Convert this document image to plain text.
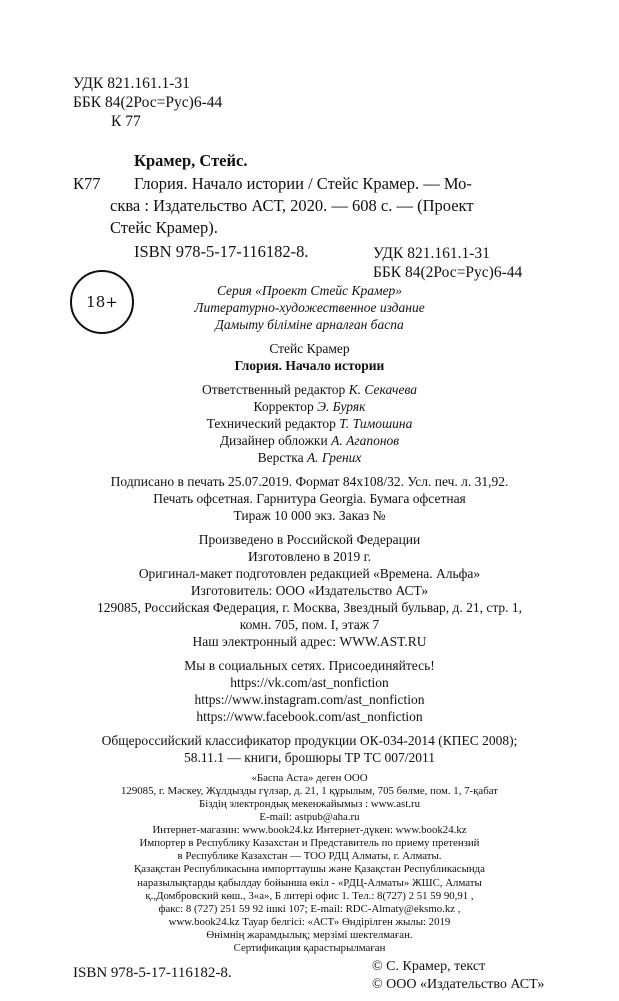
УДК 821.161.1-31
ББК 84(2Рос=Рус)6-44
К 77
Крамер, Стейс.
К77 Глория. Начало истории / Стейс Крамер. — Мо-
сква : Издательство АСТ, 2020. — 608 с. — (Проект
Стейс Крамер).
ISBN 978-5-17-116182-8.	УДК 821.161.1-31
ББК 84(2Рос=Рус)6-44
18+
Серия «Проект Стейс Крамер»
Литературно-художественное издание
Дамыту біліміне арналған баспа
Стейс Крамер
Глория. Начало истории
Ответственный редактор К. Секачева
Корректор Э. Буряк
Технический редактор Т. Тимошина
Дизайнер обложки А. Агапонов
Верстка А. Грених
Подписано в печать 25.07.2019. Формат 84x108/32. Усл. печ. л. 31,92.
Печать офсетная. Гарнитура Georgia. Бумага офсетная
Тираж 10 000 экз. Заказ №
Произведено в Российской Федерации
Изготовлено в 2019 г.
Оригинал-макет подготовлен редакцией «Времена. Альфа»
Изготовитель: ООО «Издательство АСТ»
129085, Российская Федерация, г. Москва, Звездный бульвар, д. 21, стр. 1,
комн. 705, пом. I, этаж 7
Наш электронный адрес: WWW.AST.RU
Мы в социальных сетях. Присоединяйтесь!
https://vk.com/ast_nonfiction
https://www.instagram.com/ast_nonfiction
https://www.facebook.com/ast_nonfiction
Общероссийский классификатор продукции ОК-034-2014 (КПЕС 2008);
58.11.1 — книги, брошюры ТР ТС 007/2011
«Баспа Аста» деген ООО
129085, г. Мәскеу, Жұлдызды гүлзар, д. 21, 1 құрылым, 705 бөлме, пом. 1, 7-қабат
Біздің электрондық мекенжайымыз : www.ast.ru
E-mail: astpub@aha.ru
Интернет-магазин: www.book24.kz Интернет-дүкен: www.book24.kz
Импортер в Республику Казахстан и Представитель по приему претензий
в Республике Казахстан — ТОО РДЦ Алматы, г. Алматы.
Қазақстан Республикасына импорттаушы және Қазақстан Республикасында
наразылықтарды қабылдау бойынша өкіл - «РДЦ-Алматы» ЖШС, Алматы
қ.,Домбровский көш., 3«а», Б литері офис 1. Тел.: 8(727) 2 51 59 90,91 ,
факс: 8 (727) 251 59 92 ішкі 107; E-mail: RDC-Almaty@eksmo.kz ,
www.book24.kz Тауар белгісі: «АСТ» Өндірілген жылы: 2019
Өнімнің жарамдылық; мерзімі шектелмаған.
Сертификация қарастырылмаған
ISBN 978-5-17-116182-8.	© С. Крамер, текст
© ООО «Издательство АСТ»
